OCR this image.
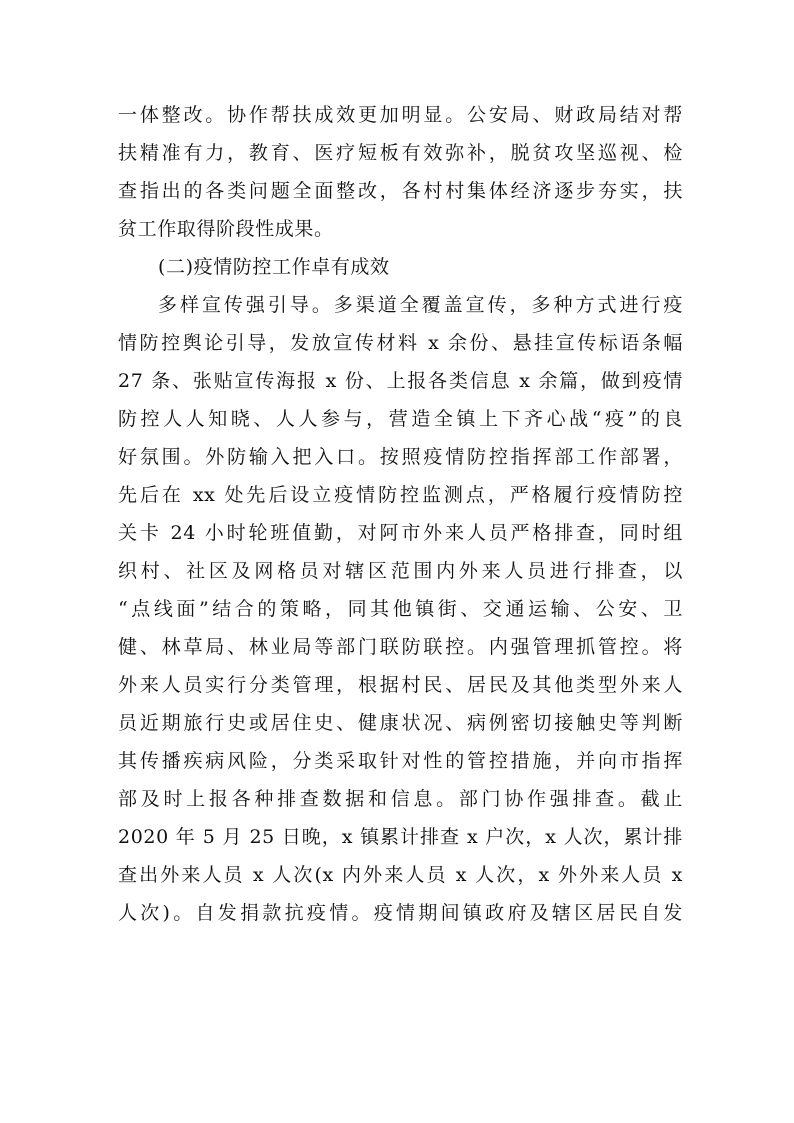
一体整改。协作帮扶成效更加明显。公安局、财政局结对帮
扶精准有力，教育、医疗短板有效弥补，脱贫攻坚巡视、检
查指出的各类问题全面整改，各村村集体经济逐步夯实，扶
贫工作取得阶段性成果。
(二)疫情防控工作卓有成效
多样宣传强引导。多渠道全覆盖宣传，多种方式进行疫
情防控舆论引导，发放宣传材料 x 余份、悬挂宣传标语条幅
27 条、张贴宣传海报 x 份、上报各类信息 x 余篇，做到疫情
防控人人知晓、人人参与，营造全镇上下齐心战“疫”的良
好氛围。外防输入把入口。按照疫情防控指挥部工作部署，
先后在 xx 处先后设立疫情防控监测点，严格履行疫情防控
关卡 24 小时轮班值勤，对阿市外来人员严格排查，同时组
织村、社区及网格员对辖区范围内外来人员进行排查，以
“点线面”结合的策略，同其他镇街、交通运输、公安、卫
健、林草局、林业局等部门联防联控。内强管理抓管控。将
外来人员实行分类管理，根据村民、居民及其他类型外来人
员近期旅行史或居住史、健康状况、病例密切接触史等判断
其传播疾病风险，分类采取针对性的管控措施，并向市指挥
部及时上报各种排查数据和信息。部门协作强排查。截止
2020 年 5 月 25 日晚，x 镇累计排查 x 户次，x 人次，累计排
查出外来人员 x 人次(x 内外来人员 x 人次，x 外外来人员 x
人次)。自发捐款抗疫情。疫情期间镇政府及辖区居民自发
